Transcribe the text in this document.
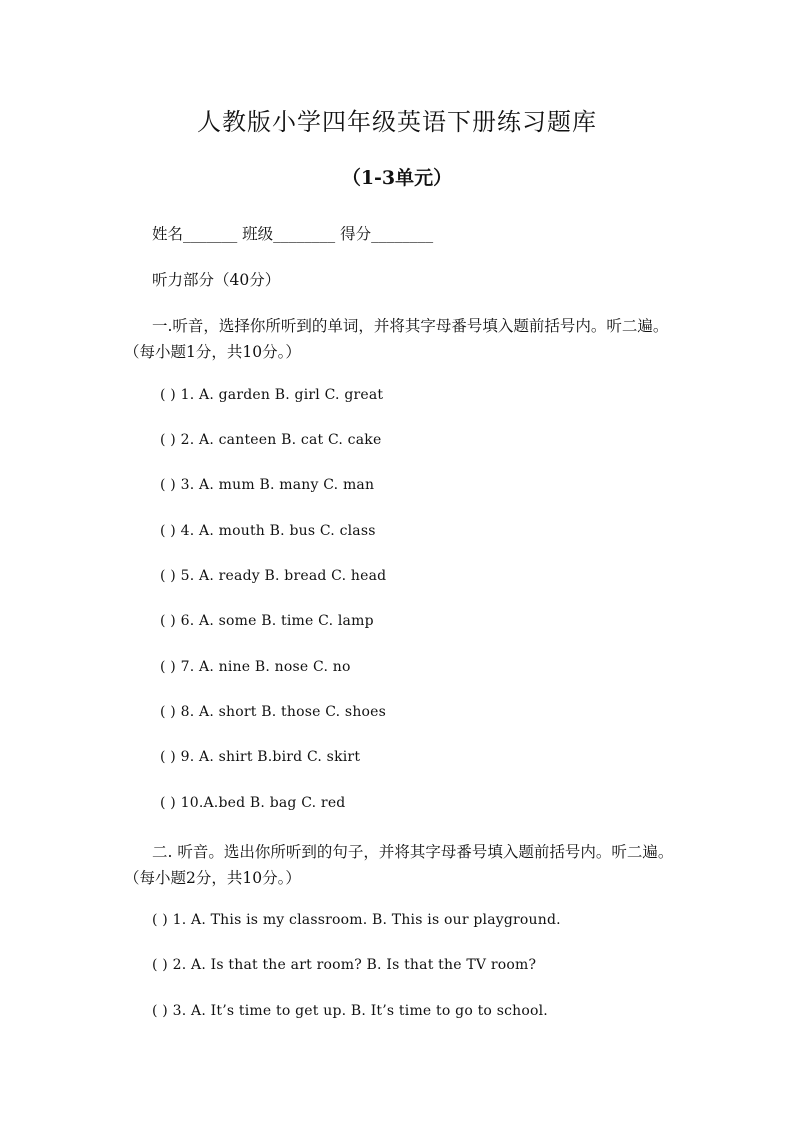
人教版小学四年级英语下册练习题库
（1-3单元）
姓名_______ 班级________ 得分________
听力部分（40分）
一.听音，选择你所听到的单词，并将其字母番号填入题前括号内。听二遍。
（每小题1分，共10分。）
( ) 1. A. garden B. girl C. great
( ) 2. A. canteen B. cat C. cake
( ) 3. A. mum B. many C. man
( ) 4. A. mouth B. bus C. class
( ) 5. A. ready B. bread C. head
( ) 6. A. some B. time C. lamp
( ) 7. A. nine B. nose C. no
( ) 8. A. short B. those C. shoes
( ) 9. A. shirt B.bird C. skirt
( ) 10.A.bed B. bag C. red
二. 听音。选出你所听到的句子，并将其字母番号填入题前括号内。听二遍。
（每小题2分，共10分。）
( ) 1. A. This is my classroom. B. This is our playground.
( ) 2. A. Is that the art room? B. Is that the TV room?
( ) 3. A. It’s time to get up. B. It’s time to go to school.
